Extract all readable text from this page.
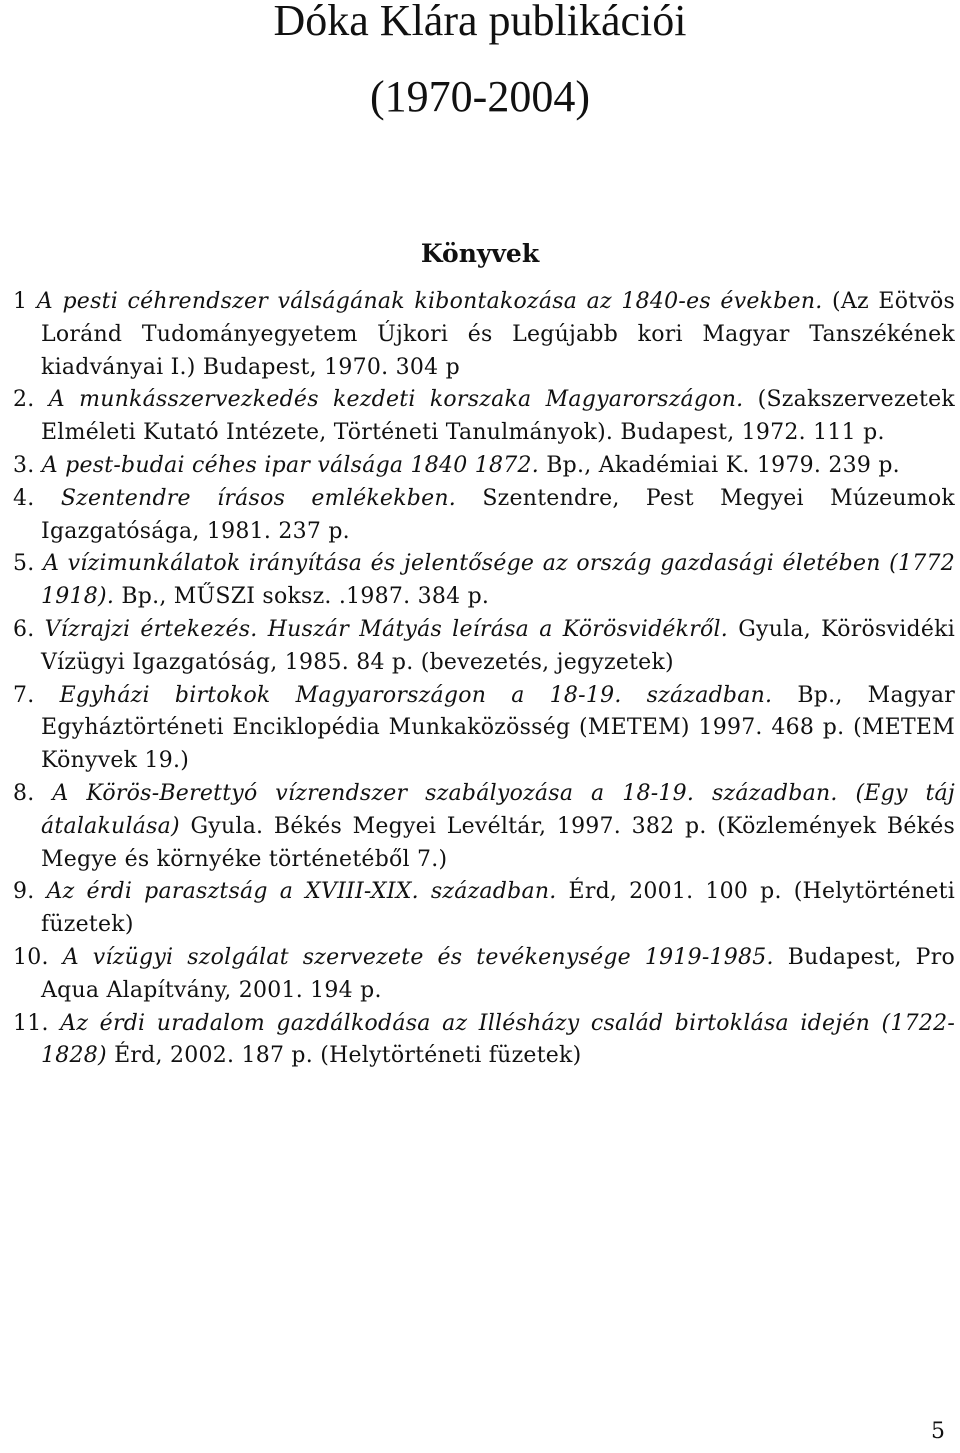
Dóka Klára publikációi
(1970-2004)
Könyvek
1 A pesti céhrendszer válságának kibontakozása az 1840-es években. (Az Eötvös Loránd Tudományegyetem Újkori és Legújabb kori Magyar Tanszékének kiadványai I.) Budapest, 1970. 304 p
2. A munkásszervezkedés kezdeti korszaka Magyarországon. (Szakszervezetek Elméleti Kutató Intézete, Történeti Tanulmányok). Budapest, 1972. 111 p.
3. A pest-budai céhes ipar válsága 1840 1872. Bp., Akadémiai K. 1979. 239 p.
4. Szentendre írásos emlékekben. Szentendre, Pest Megyei Múzeumok Igazgatósága, 1981. 237 p.
5. A vízimunkálatok irányítása és jelentősége az ország gazdasági életében (1772 1918). Bp., MŰSZI soksz. .1987. 384 p.
6. Vízrajzi értekezés. Huszár Mátyás leírása a Körösvidékről. Gyula, Körösvidéki Vízügyi Igazgatóság, 1985. 84 p. (bevezetés, jegyzetek)
7. Egyházi birtokok Magyarországon a 18-19. században. Bp., Magyar Egyháztörténeti Enciklopédia Munkaközösség (METEM) 1997. 468 p. (METEM Könyvek 19.)
8. A Körös-Berettyó vízrendszer szabályozása a 18-19. században. (Egy táj átalakulása) Gyula. Békés Megyei Levéltár, 1997. 382 p. (Közlemények Békés Megye és környéke történetéből 7.)
9. Az érdi parasztság a XVIII-XIX. században. Érd, 2001. 100 p. (Helytörténeti füzetek)
10. A vízügyi szolgálat szervezete és tevékenysége 1919-1985. Budapest, Pro Aqua Alapítvány, 2001. 194 p.
11. Az érdi uradalom gazdálkodása az Illésházy család birtoklása idején (1722-1828) Érd, 2002. 187 p. (Helytörténeti füzetek)
5
